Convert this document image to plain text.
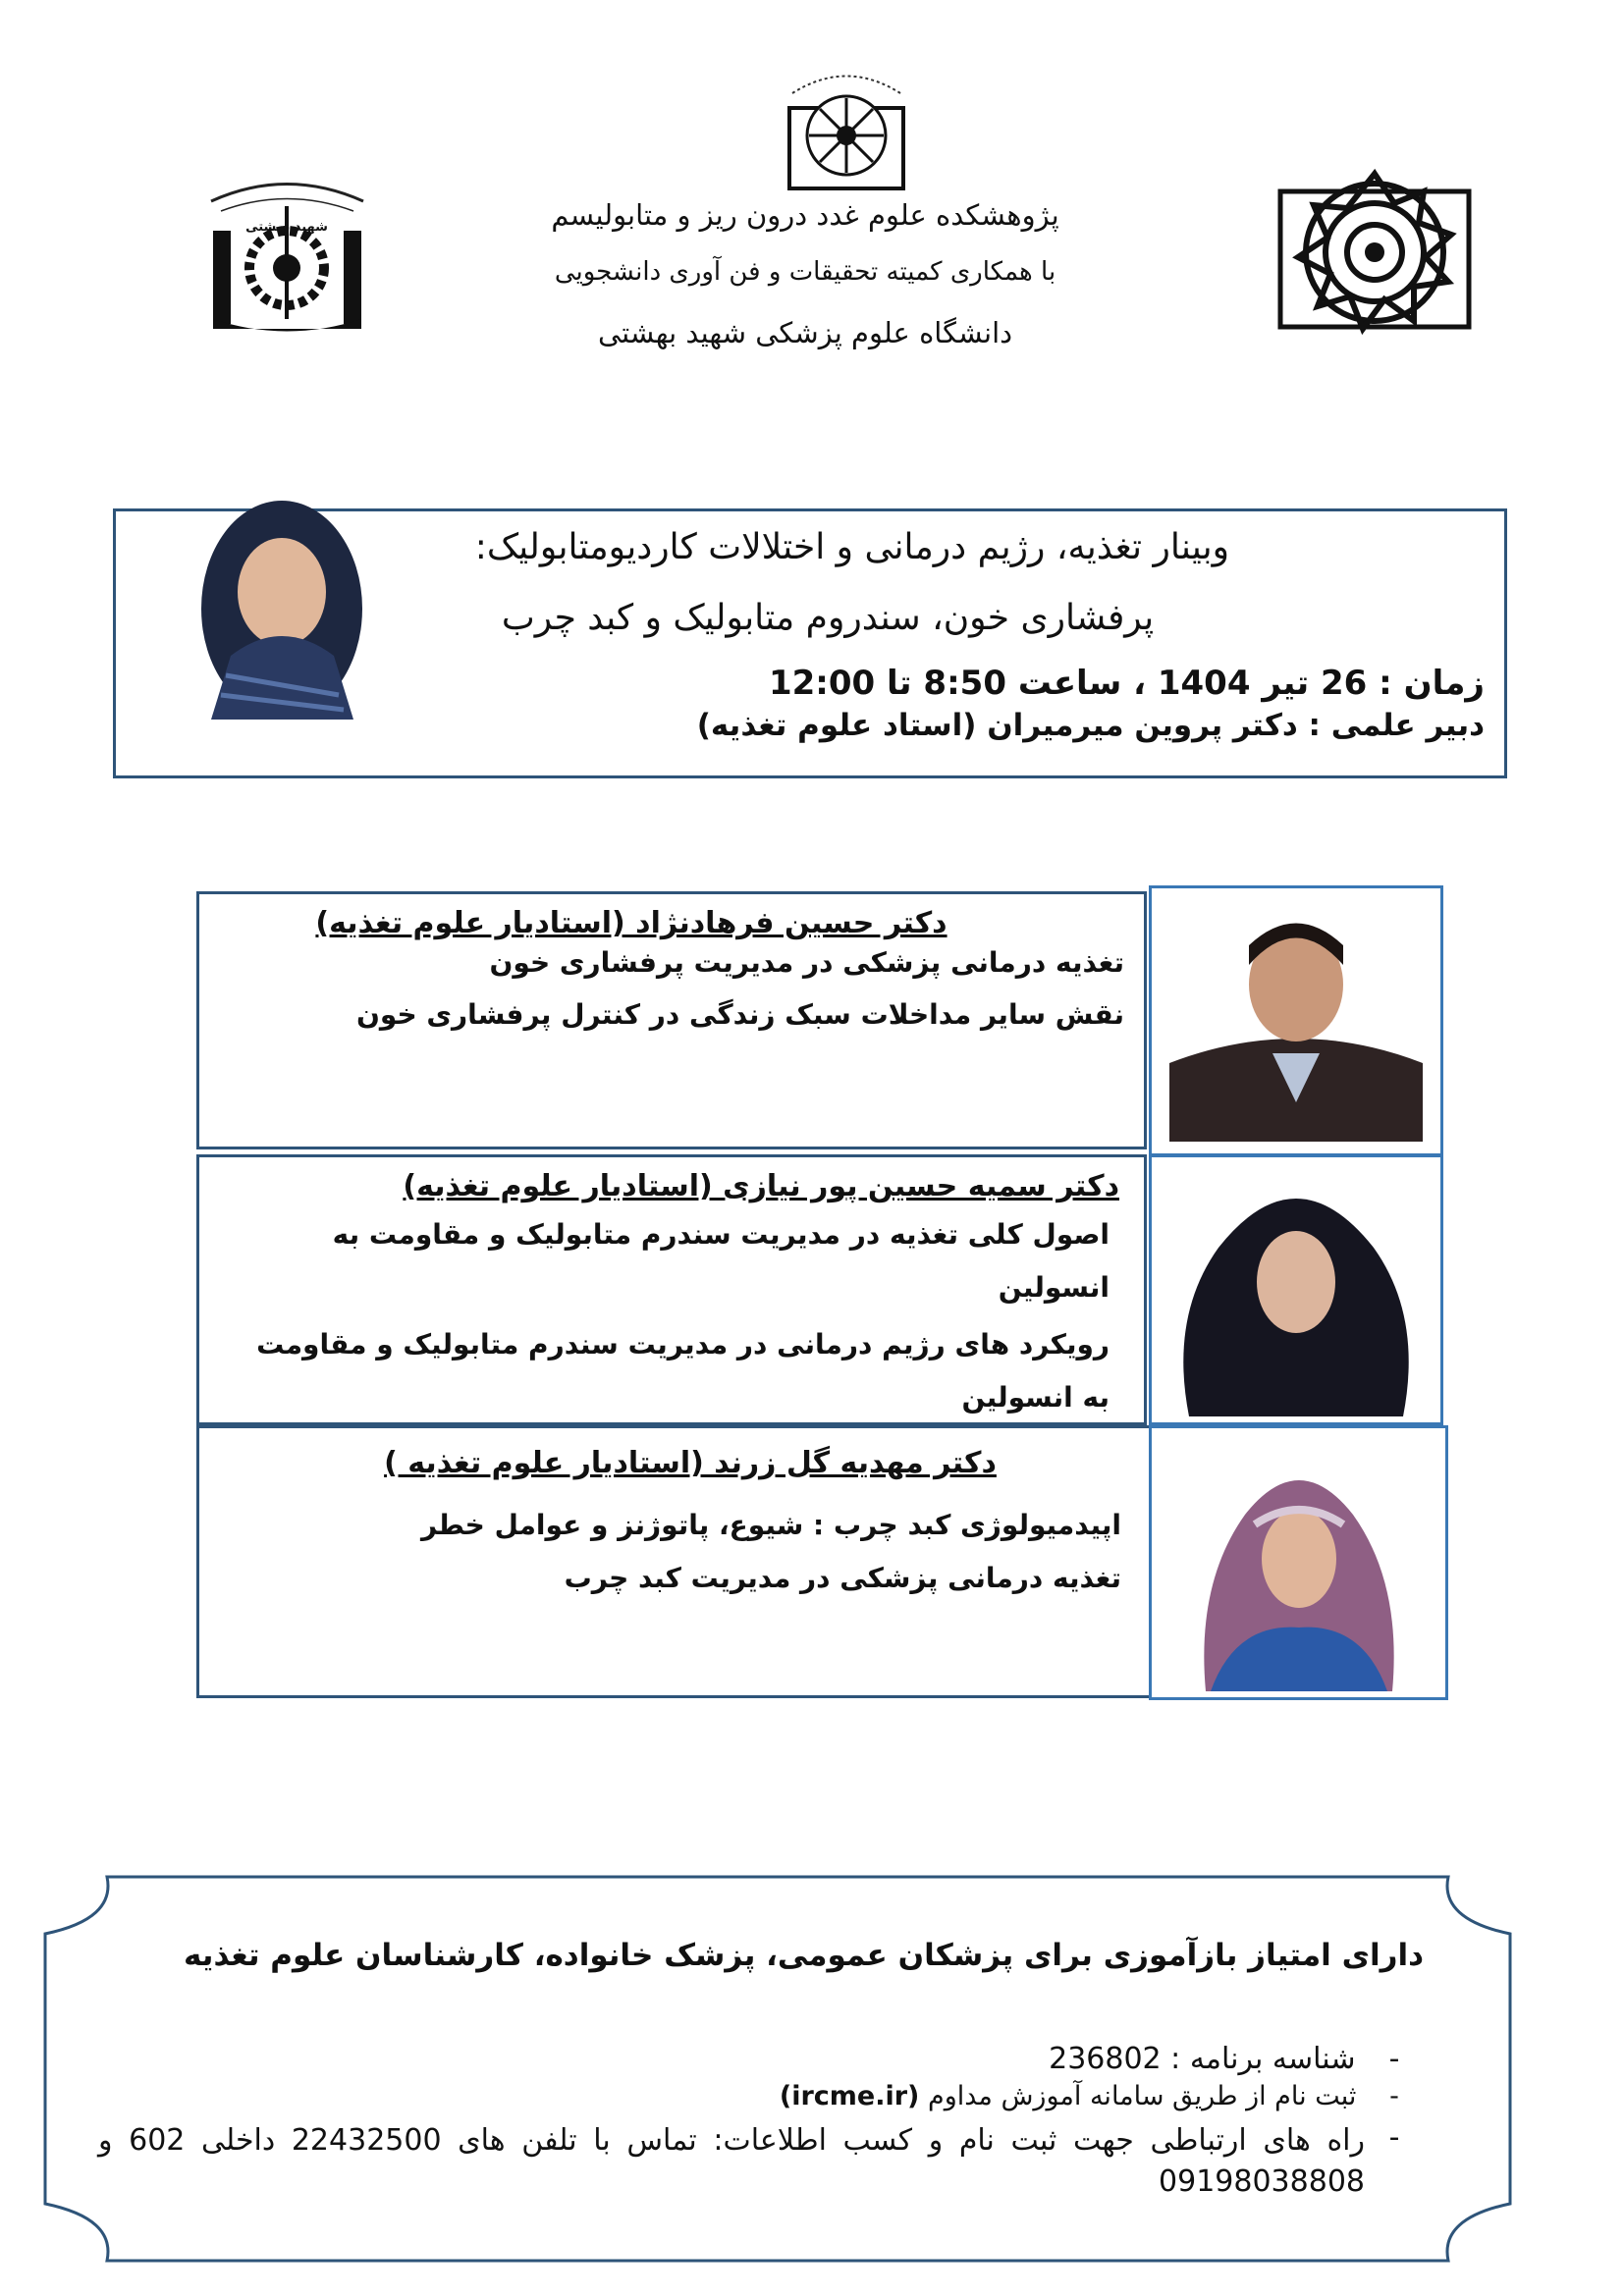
شهید بهشتی	پژوهشکده علوم غدد درون ریز و متابولیسم
با همکاری کمیته تحقیقات و فن آوری دانشجویی
دانشگاه علوم پزشکی شهید بهشتی
وبینار تغذیه، رژیم درمانی و اختلالات کاردیومتابولیک:
پرفشاری خون، سندروم متابولیک و کبد چرب
زمان : 26 تیر 1404 ، ساعت 8:50 تا 12:00
دبیر علمی : دکتر پروین میرمیران (استاد علوم تغذیه)
دکتر حسین فرهادنژاد (استادیار علوم تغذیه)
تغذیه درمانی پزشکی در مدیریت پرفشاری خون
نقش سایر مداخلات سبک زندگی در کنترل پرفشاری خون
دکتر سمیه حسین پور نیازی (استادیار علوم تغذیه)
اصول کلی تغذیه در مدیریت سندرم متابولیک و مقاومت به انسولین
رویکرد های رژیم درمانی در مدیریت سندرم متابولیک و مقاومت به انسولین
دکتر مهدیه گل زرند (استادیار علوم تغذیه )
اپیدمیولوژی کبد چرب : شیوع، پاتوژنز و عوامل خطر
تغذیه درمانی پزشکی در مدیریت کبد چرب
دارای امتیاز بازآموزی برای پزشکان عمومی، پزشک خانواده، کارشناسان علوم تغذیه
- شناسه برنامه : 236802
- ثبت نام از طریق سامانه آموزش مداوم (ircme.ir)
-
راه های ارتباطی جهت ثبت نام و کسب اطلاعات: تماس با تلفن های 22432500 داخلی 602 و 09198038808
